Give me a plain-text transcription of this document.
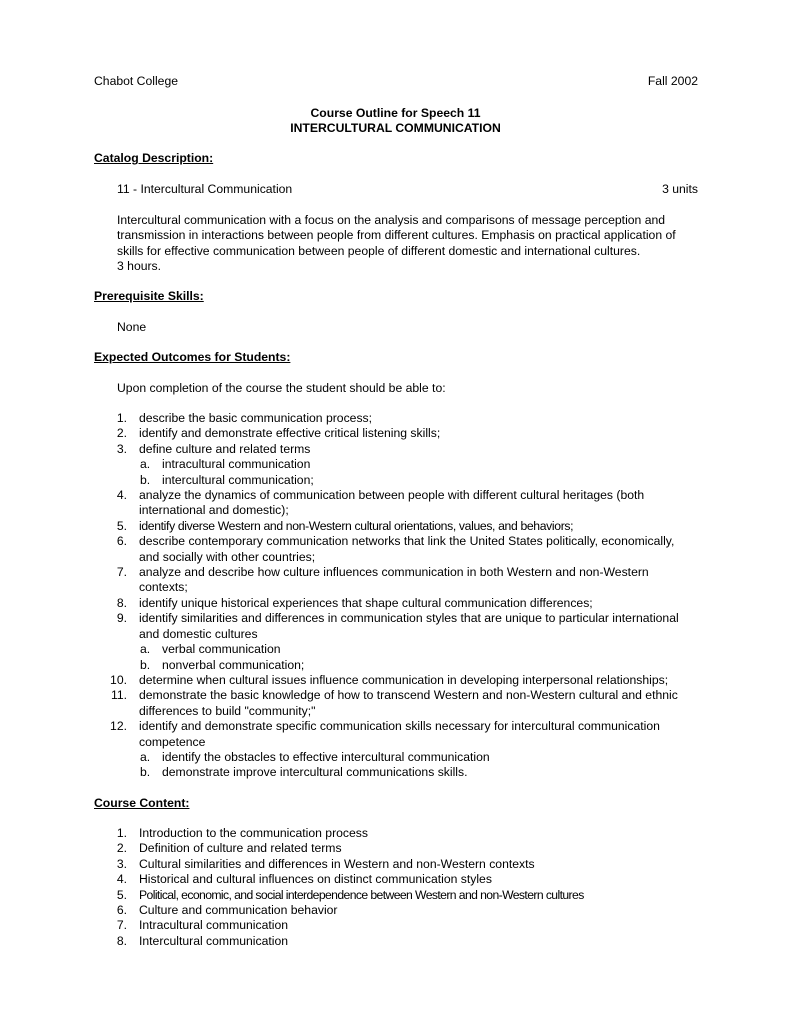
Chabot College	Fall 2002
Course Outline for Speech 11
INTERCULTURAL COMMUNICATION
Catalog Description:
11 - Intercultural Communication	3 units
Intercultural communication with a focus on the analysis and comparisons of message perception and transmission in interactions between people from different cultures. Emphasis on practical application of skills for effective communication between people of different domestic and international cultures.
3 hours.
Prerequisite Skills:
None
Expected Outcomes for Students:
Upon completion of the course the student should be able to:
1. describe the basic communication process;
2. identify and demonstrate effective critical listening skills;
3. define culture and related terms
a. intracultural communication
b. intercultural communication;
4. analyze the dynamics of communication between people with different cultural heritages (both international and domestic);
5. identify diverse Western and non-Western cultural orientations, values, and behaviors;
6. describe contemporary communication networks that link the United States politically, economically, and socially with other countries;
7. analyze and describe how culture influences communication in both Western and non-Western contexts;
8. identify unique historical experiences that shape cultural communication differences;
9. identify similarities and differences in communication styles that are unique to particular international and domestic cultures
a. verbal communication
b. nonverbal communication;
10. determine when cultural issues influence communication in developing interpersonal relationships;
11. demonstrate the basic knowledge of how to transcend Western and non-Western cultural and ethnic differences to build "community;"
12. identify and demonstrate specific communication skills necessary for intercultural communication competence
a. identify the obstacles to effective intercultural communication
b. demonstrate improve intercultural communications skills.
Course Content:
1. Introduction to the communication process
2. Definition of culture and related terms
3. Cultural similarities and differences in Western and non-Western contexts
4. Historical and cultural influences on distinct communication styles
5. Political, economic, and social interdependence between Western and non-Western cultures
6. Culture and communication behavior
7. Intracultural communication
8. Intercultural communication
